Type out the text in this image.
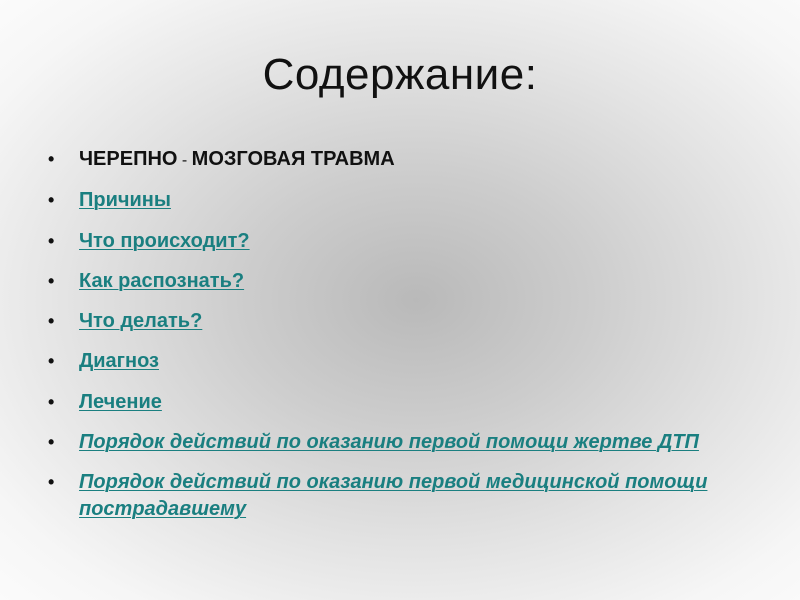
Содержание:
• ЧЕРЕПНО - МОЗГОВАЯ ТРАВМА
• Причины
• Что происходит?
• Как распознать?
• Что делать?
• Диагноз
• Лечение
• Порядок действий по оказанию первой помощи жертве ДТП
• Порядок действий по оказанию первой медицинской помощи пострадавшему
